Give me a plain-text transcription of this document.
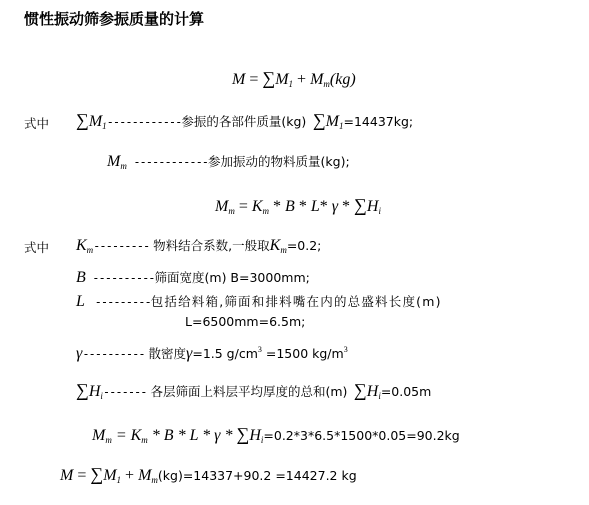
惯性振动筛参振质量的计算
$M = \sum M_1 + M_m(kg)$
式中 $\sum M_1------------$参振的各部件质量(kg) $\sum M_1=14437kg$;
$M_m$ ------------参加振动的物料质量(kg);
$M_m = K_m * B * L*$ γ * $\sum H_i$
式中 $K_m---------$ 物料结合系数,一般取$K_m=0.2$;
B ----------筛面宽度(m) B=3000mm;
L ---------包括给料箱,筛面和排料嘴在内的总盛料长度(m)
L=6500mm=6.5m;
γ---------- 散密度γ=1.5 $g/cm^3 =1500$ $kg/m^3$
$\sum H_i-------$ 各层筛面上料层平均厚度的总和(m) $\sum H_i=0.05m$
$M_m = K_m * B * L * \gamma * \sum H_i=0.2*3*6.5*1500*0.05=90.2kg$
$M = \sum M_1 + M_m(kg)=14337+90.2 =14427.2$ kg
